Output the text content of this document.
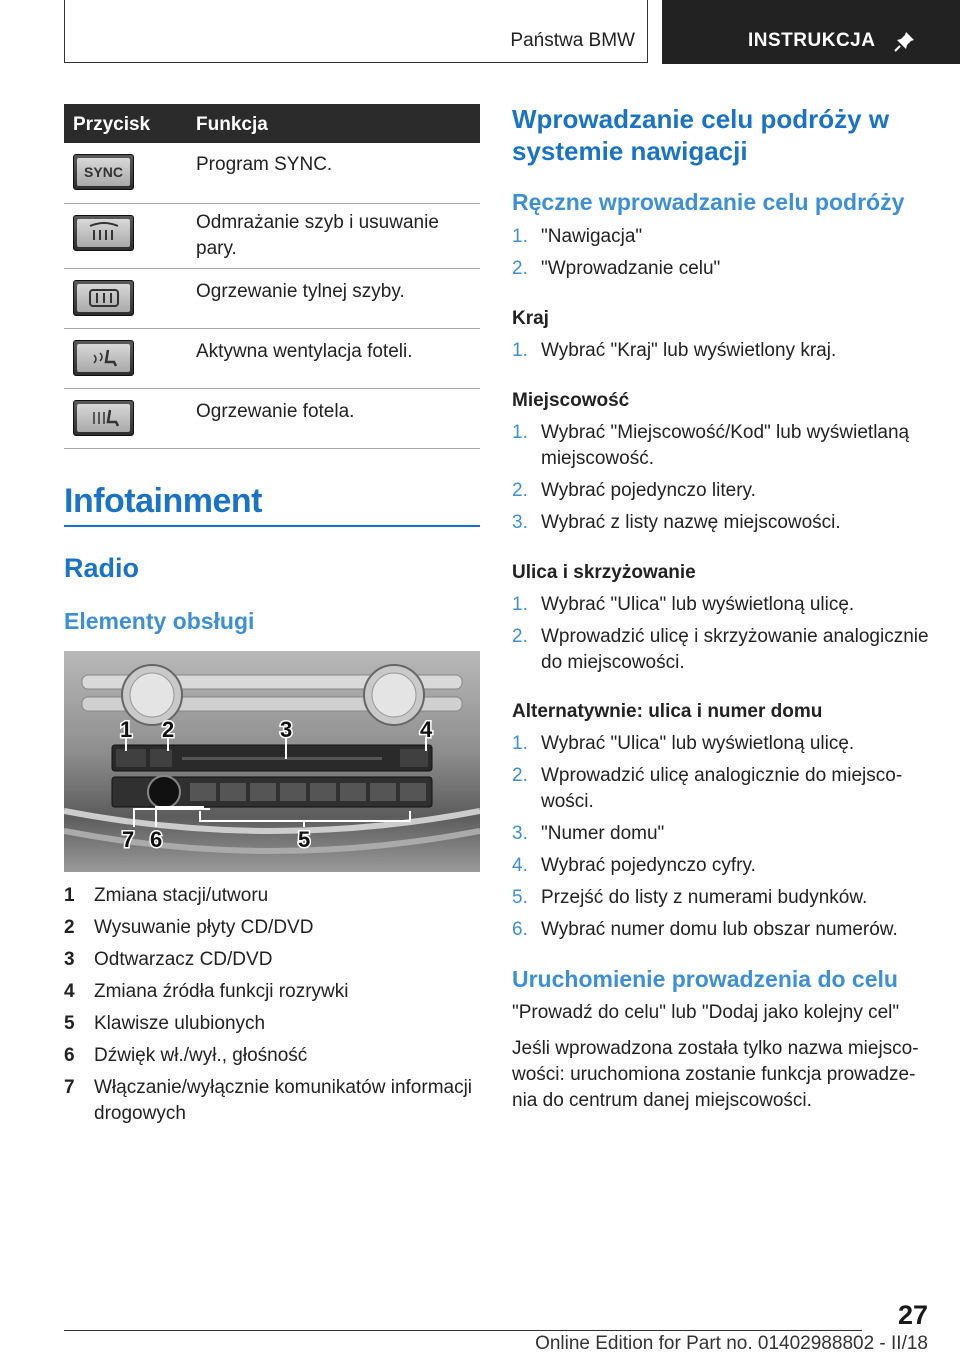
Państwa BMW	INSTRUKCJA
Przycisk Funkcja
SYNC	Program SYNC.
Odmrażanie szyb i usuwanie pary.
Ogrzewanie tylnej szyby.
Aktywna wentylacja foteli.
Ogrzewanie fotela.
Infotainment
Radio
Elementy obsługi
1 2	3	4
5
6
7
1 Zmiana stacji/utworu
2 Wysuwanie płyty CD/DVD
3 Odtwarzacz CD/DVD
4 Zmiana źródła funkcji rozrywki
5 Klawisze ulubionych
6 Dźwięk wł./wył., głośność
7 Włączanie/wyłącznie komunikatów informacji drogowych
Wprowadzanie celu podróży w systemie nawigacji
Ręczne wprowadzanie celu podróży
1. "Nawigacja"
2. "Wprowadzanie celu"
Kraj
1. Wybrać "Kraj" lub wyświetlony kraj.
Miejscowość
1. Wybrać "Miejscowość/Kod" lub wyświetlaną miejscowość.
2. Wybrać pojedynczo litery.
3. Wybrać z listy nazwę miejscowości.
Ulica i skrzyżowanie
1. Wybrać "Ulica" lub wyświetloną ulicę.
2. Wprowadzić ulicę i skrzyżowanie analogicznie do miejscowości.
Alternatywnie: ulica i numer domu
1. Wybrać "Ulica" lub wyświetloną ulicę.
2. Wprowadzić ulicę analogicznie do miejsco-wości.
3. "Numer domu"
4. Wybrać pojedynczo cyfry.
5. Przejść do listy z numerami budynków.
6. Wybrać numer domu lub obszar numerów.
Uruchomienie prowadzenia do celu
"Prowadź do celu" lub "Dodaj jako kolejny cel"
Jeśli wprowadzona została tylko nazwa miejsco-wości: uruchomiona zostanie funkcja prowadze-nia do centrum danej miejscowości.
27
Online Edition for Part no. 01402988802 - II/18
